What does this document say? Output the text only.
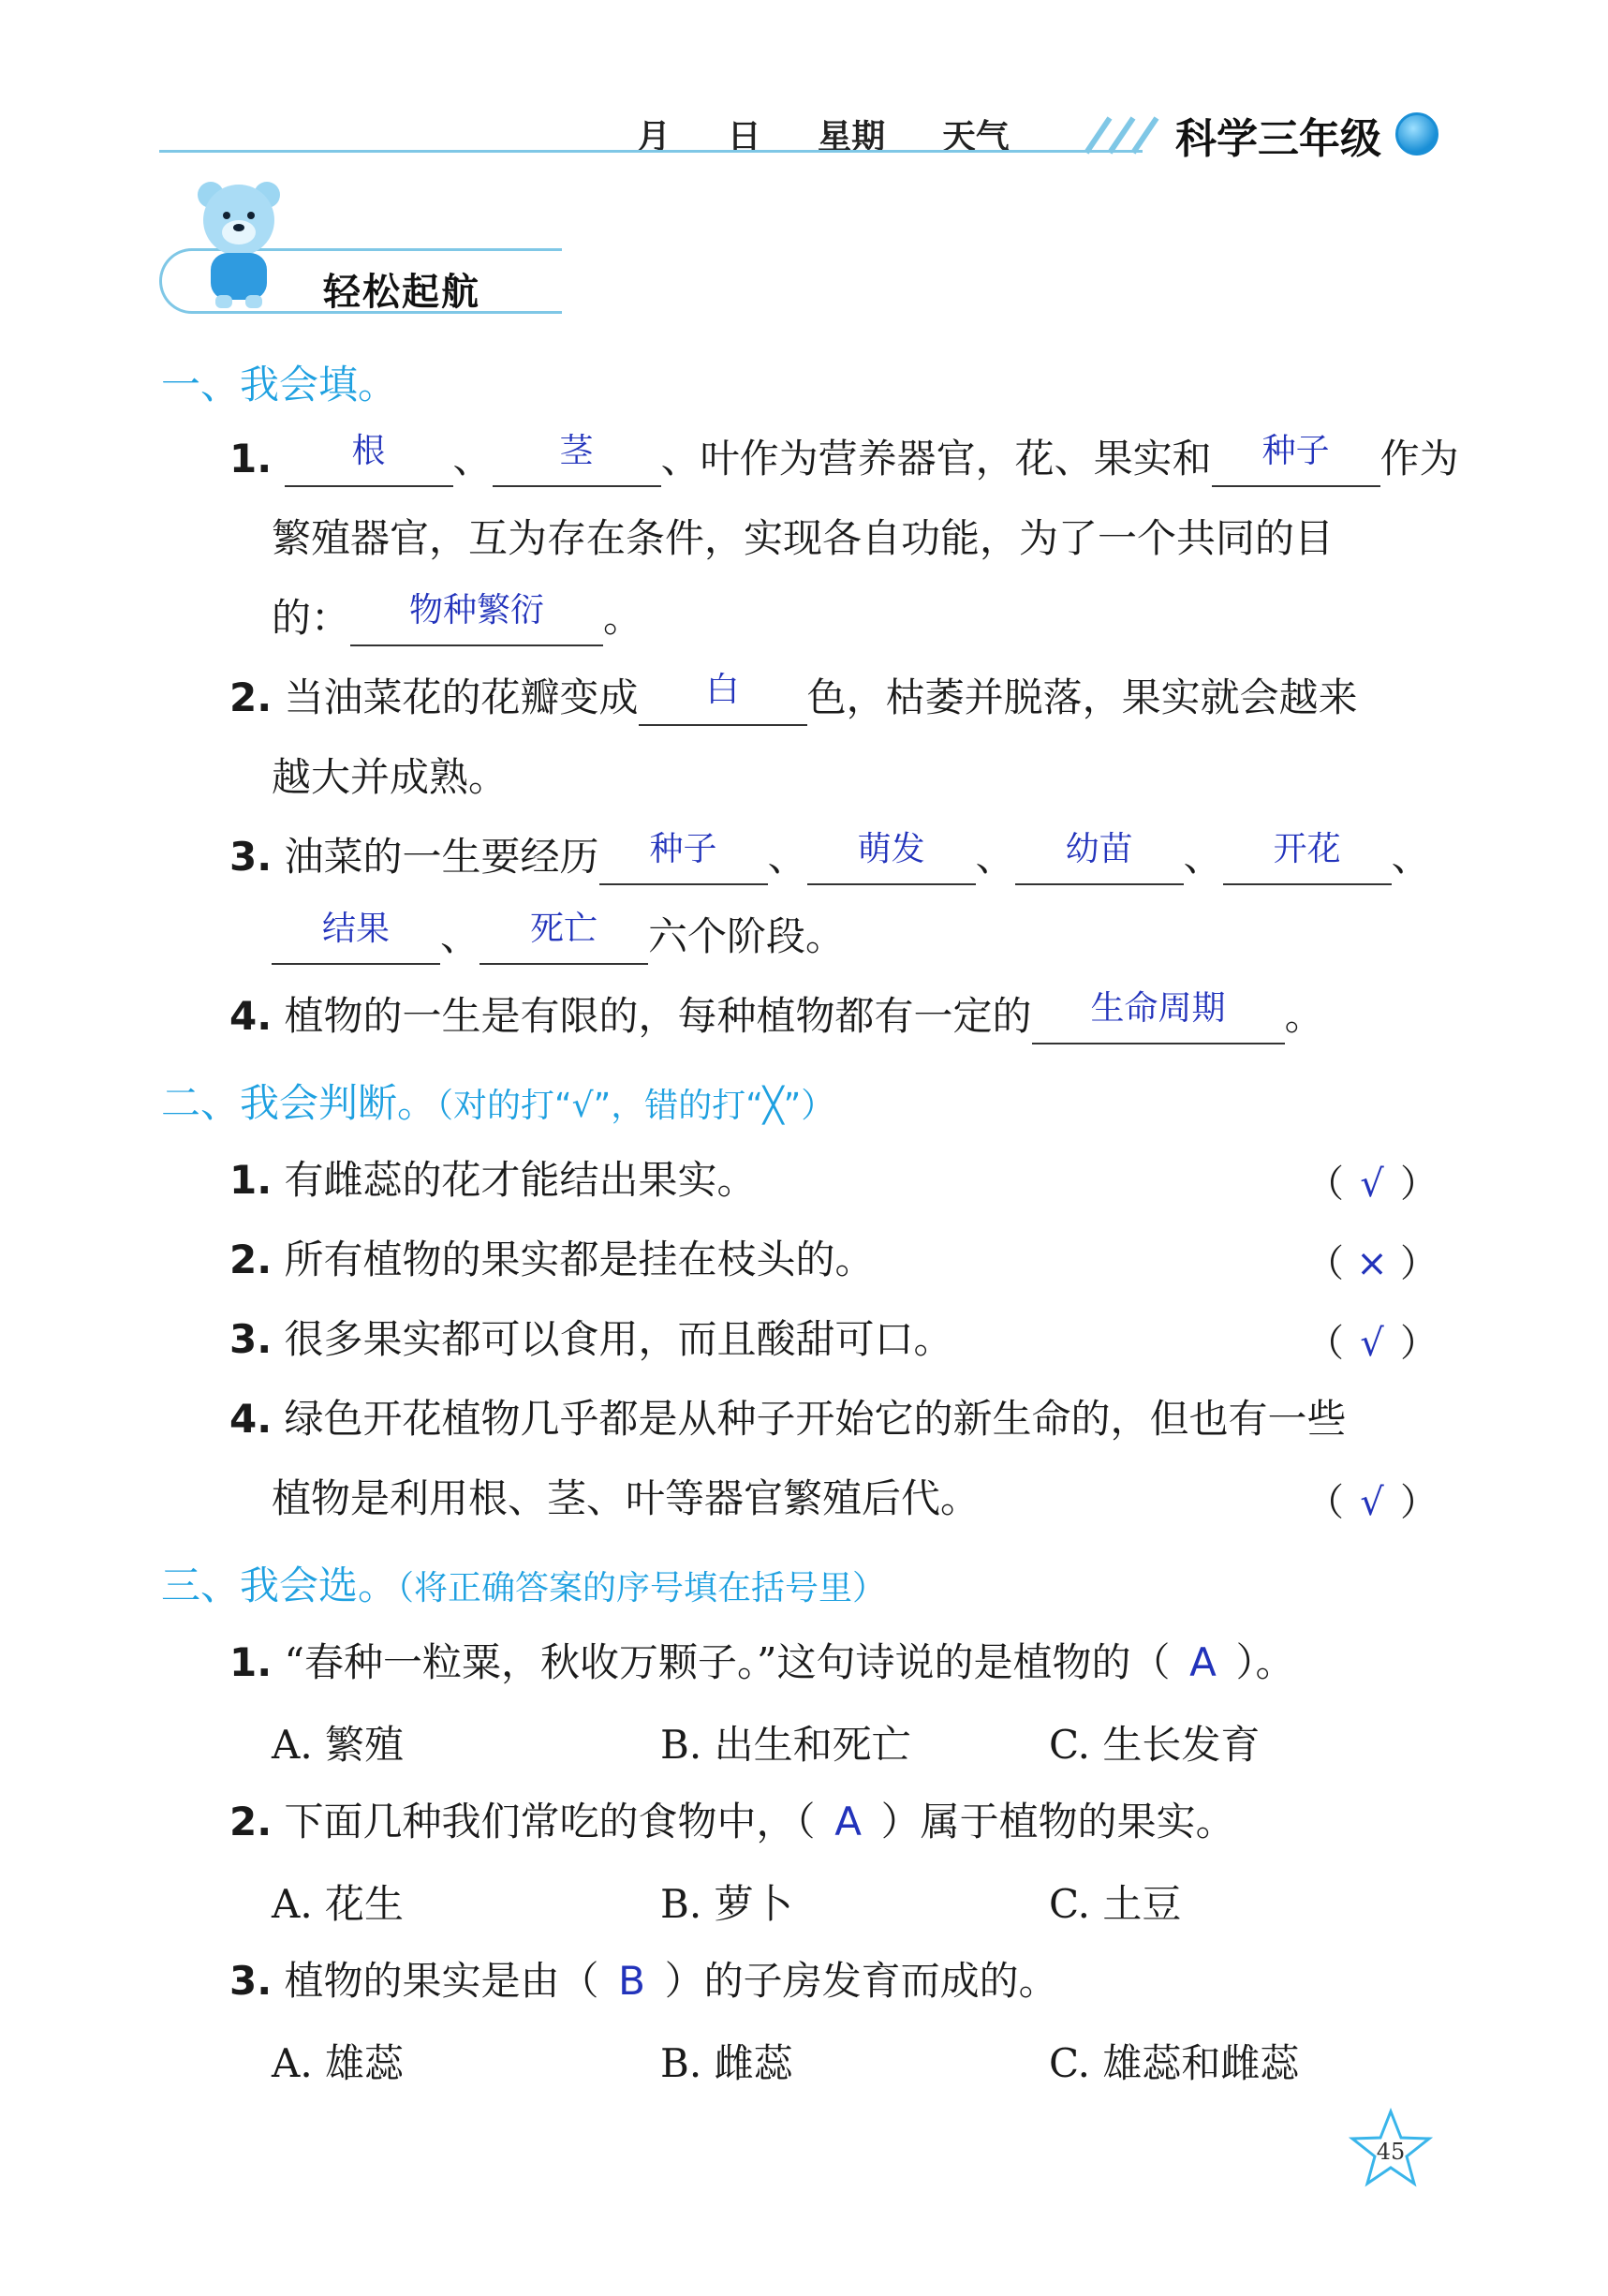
月 日 星期 天气	科学三年级
轻松起航
一、我会填。
1.	根	、	茎	、叶作为营养器官，花、果实和	种子	作为
繁殖器官，互为存在条件，实现各自功能，为了一个共同的目
的：	物种繁衍	。
2. 当油菜花的花瓣变成	白	色，枯萎并脱落，果实就会越来
越大并成熟。
3. 油菜的一生要经历	种子	、	萌发	、	幼苗	、	开花	、
结果	、	死亡	六个阶段。
4. 植物的一生是有限的，每种植物都有一定的	生命周期	。
二、我会判断。（对的打“√”，错的打“╳”）
1. 有雌蕊的花才能结出果实。	（ √ ）
2. 所有植物的果实都是挂在枝头的。	（ × ）
3. 很多果实都可以食用，而且酸甜可口。	（ √ ）
4. 绿色开花植物几乎都是从种子开始它的新生命的，但也有一些
植物是利用根、茎、叶等器官繁殖后代。	（ √ ）
三、我会选。（将正确答案的序号填在括号里）
1. “春种一粒粟，秋收万颗子。”这句诗说的是植物的（ A ）。
A. 繁殖	B. 出生和死亡	C. 生长发育
2. 下面几种我们常吃的食物中，（ A ）属于植物的果实。
A. 花生	B. 萝卜	C. 土豆
3. 植物的果实是由（ B ）的子房发育而成的。
A. 雄蕊	B. 雌蕊	C. 雄蕊和雌蕊
45
